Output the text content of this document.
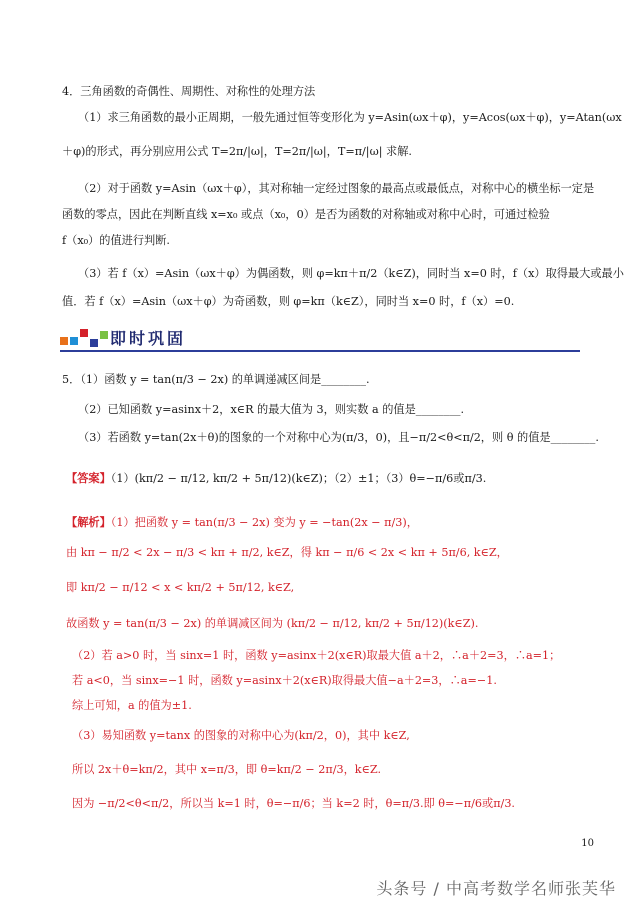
4．三角函数的奇偶性、周期性、对称性的处理方法
（1）求三角函数的最小正周期，一般先通过恒等变形化为 y=Asin(ωx＋φ)，y=Acos(ωx＋φ)，y=Atan(ωx
＋φ)的形式，再分别应用公式 T=2π/|ω|，T=2π/|ω|，T=π/|ω| 求解.
（2）对于函数 y=Asin（ωx＋φ），其对称轴一定经过图象的最高点或最低点，对称中心的横坐标一定是
函数的零点，因此在判断直线 x=x₀ 或点（x₀，0）是否为函数的对称轴或对称中心时，可通过检验
f（x₀）的值进行判断.
（3）若 f（x）=Asin（ωx＋φ）为偶函数，则 φ=kπ＋π/2（k∈Z)，同时当 x=0 时，f（x）取得最大或最小
值．若 f（x）=Asin（ωx＋φ）为奇函数，则 φ=kπ（k∈Z），同时当 x=0 时，f（x）=0.
即时巩固
5．（1）函数 y = tan(π/3 − 2x) 的单调递减区间是________.
（2）已知函数 y=asinx＋2，x∈R 的最大值为 3，则实数 a 的值是________.
（3）若函数 y=tan(2x＋θ)的图象的一个对称中心为(π/3，0)，且−π/2<θ<π/2，则 θ 的值是________.
【答案】（1）(kπ/2 − π/12, kπ/2 + 5π/12)(k∈Z)；（2）±1；（3）θ=−π/6或π/3.
【解析】（1）把函数 y = tan(π/3 − 2x) 变为 y = −tan(2x − π/3)，
由 kπ − π/2 < 2x − π/3 < kπ + π/2, k∈Z，得 kπ − π/6 < 2x < kπ + 5π/6, k∈Z，
即 kπ/2 − π/12 < x < kπ/2 + 5π/12, k∈Z,
故函数 y = tan(π/3 − 2x) 的单调减区间为 (kπ/2 − π/12, kπ/2 + 5π/12)(k∈Z).
（2）若 a>0 时，当 sinx=1 时，函数 y=asinx＋2(x∈R)取最大值 a＋2，∴a＋2=3，∴a=1；
若 a<0，当 sinx=−1 时，函数 y=asinx＋2(x∈R)取得最大值−a＋2=3，∴a=−1.
综上可知，a 的值为±1.
（3）易知函数 y=tanx 的图象的对称中心为(kπ/2，0)，其中 k∈Z,
所以 2x＋θ=kπ/2，其中 x=π/3，即 θ=kπ/2 − 2π/3，k∈Z.
因为 −π/2<θ<π/2，所以当 k=1 时，θ=−π/6；当 k=2 时，θ=π/3.即 θ=−π/6或π/3.
10
头条号 / 中高考数学名师张芙华
